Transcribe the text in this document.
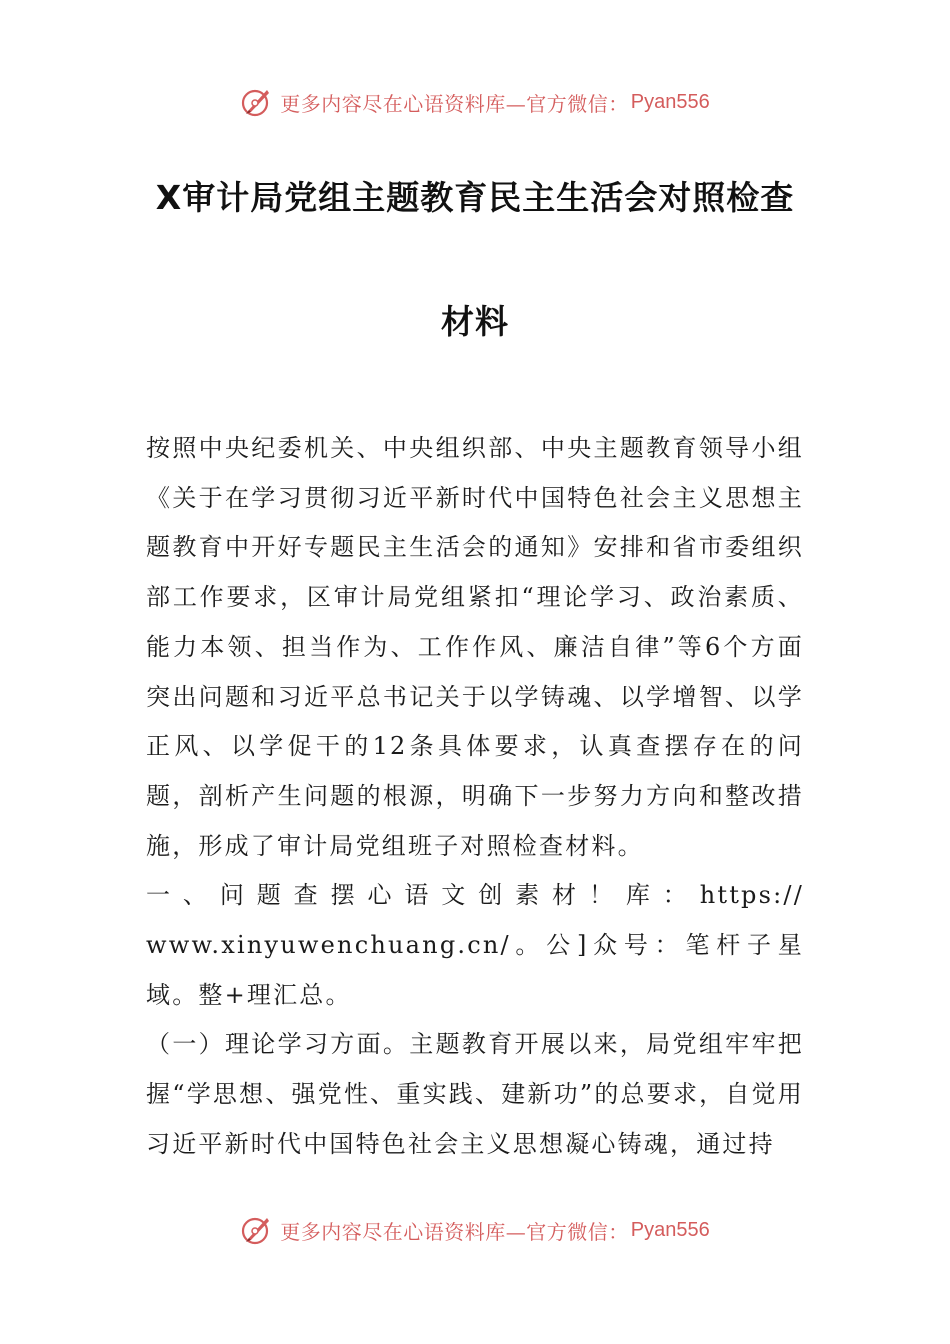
更多内容尽在心语资料库—官方微信： Pyan556
X审计局党组主题教育民主生活会对照检查
材料

按照中央纪委机关、中央组织部、中央主题教育领导小组《关于在学习贯彻习近平新时代中国特色社会主义思想主题教育中开好专题民主生活会的通知》安排和省市委组织部工作要求，区审计局党组紧扣“理论学习、政治素质、能力本领、担当作为、工作作风、廉洁自律”等6个方面突出问题和习近平总书记关于以学铸魂、以学增智、以学正风、以学促干的12条具体要求，认真查摆存在的问题，剖析产生问题的根源，明确下一步努力方向和整改措施，形成了审计局党组班子对照检查材料。

一、问题查摆心语文创素材！库：https://

www.xinyuwenchuang.cn/。公]众号：笔杆子星域。整+理汇总。

（一）理论学习方面。主题教育开展以来，局党组牢牢把握“学思想、强党性、重实践、建新功”的总要求，自觉用习近平新时代中国特色社会主义思想凝心铸魂，通过持

更多内容尽在心语资料库—官方微信： Pyan556
